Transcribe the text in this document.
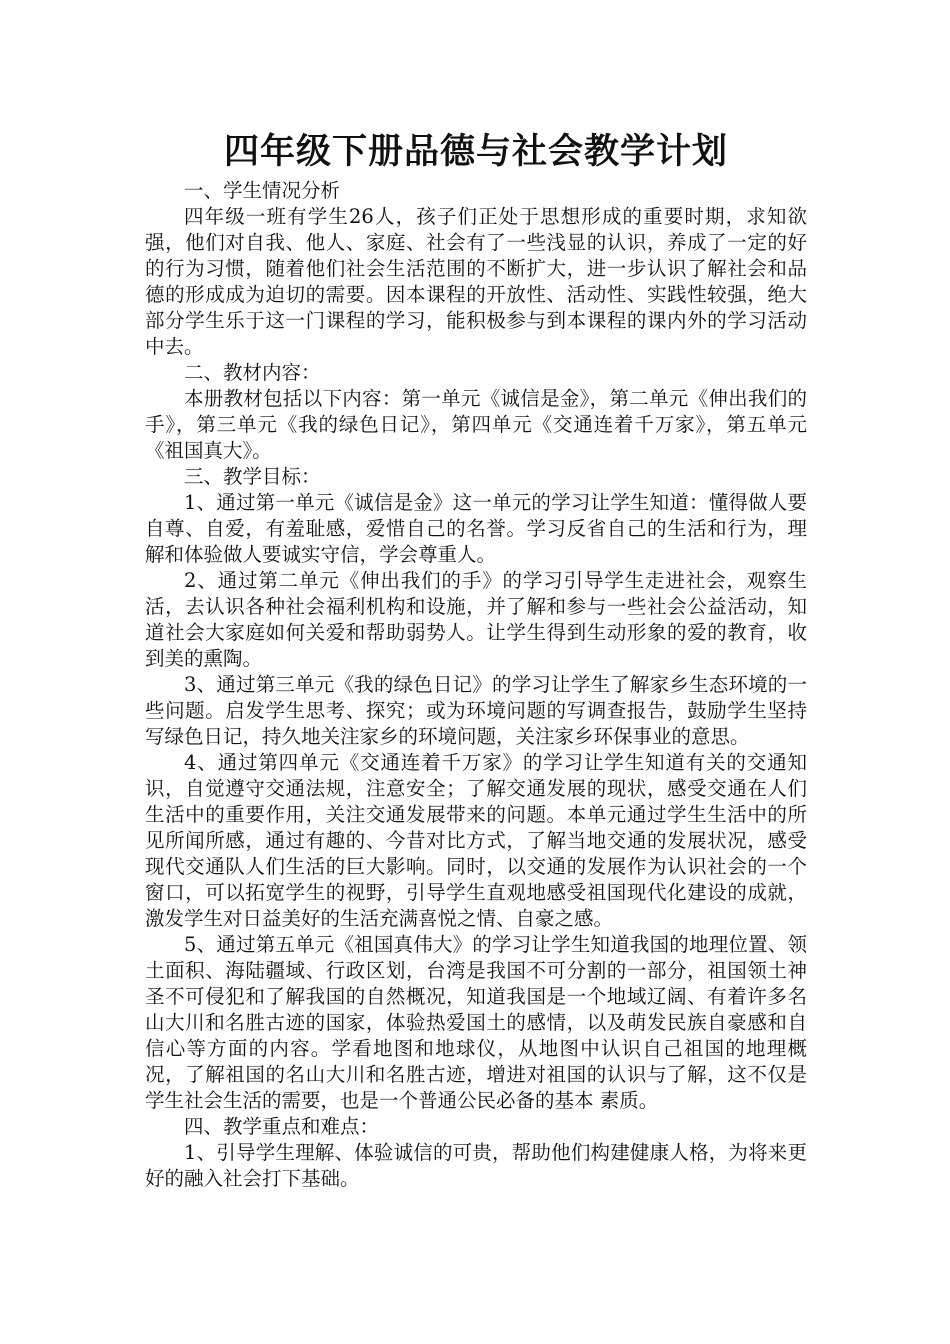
四年级下册品德与社会教学计划

一、学生情况分析

四年级一班有学生26人，孩子们正处于思想形成的重要时期，求知欲强，他们对自我、他人、家庭、社会有了一些浅显的认识，养成了一定的好的行为习惯，随着他们社会生活范围的不断扩大，进一步认识了解社会和品德的形成成为迫切的需要。因本课程的开放性、活动性、实践性较强，绝大部分学生乐于这一门课程的学习，能积极参与到本课程的课内外的学习活动中去。

二、教材内容：

本册教材包括以下内容：第一单元《诚信是金》，第二单元《伸出我们的手》，第三单元《我的绿色日记》，第四单元《交通连着千万家》，第五单元《祖国真大》。

三、教学目标：

1、通过第一单元《诚信是金》这一单元的学习让学生知道：懂得做人要自尊、自爱，有羞耻感，爱惜自己的名誉。学习反省自己的生活和行为，理解和体验做人要诚实守信，学会尊重人。

2、通过第二单元《伸出我们的手》的学习引导学生走进社会，观察生活，去认识各种社会福利机构和设施，并了解和参与一些社会公益活动，知道社会大家庭如何关爱和帮助弱势人。让学生得到生动形象的爱的教育，收到美的熏陶。

3、通过第三单元《我的绿色日记》的学习让学生了解家乡生态环境的一些问题。启发学生思考、探究；或为环境问题的写调查报告，鼓励学生坚持写绿色日记，持久地关注家乡的环境问题，关注家乡环保事业的意思。

4、通过第四单元《交通连着千万家》的学习让学生知道有关的交通知识，自觉遵守交通法规，注意安全；了解交通发展的现状，感受交通在人们生活中的重要作用，关注交通发展带来的问题。本单元通过学生生活中的所见所闻所感，通过有趣的、今昔对比方式，了解当地交通的发展状况，感受现代交通队人们生活的巨大影响。同时，以交通的发展作为认识社会的一个窗口，可以拓宽学生的视野，引导学生直观地感受祖国现代化建设的成就，激发学生对日益美好的生活充满喜悦之情、自豪之感。

5、通过第五单元《祖国真伟大》的学习让学生知道我国的地理位置、领土面积、海陆疆域、行政区划，台湾是我国不可分割的一部分，祖国领土神圣不可侵犯和了解我国的自然概况，知道我国是一个地域辽阔、有着许多名山大川和名胜古迹的国家，体验热爱国土的感情，以及萌发民族自豪感和自信心等方面的内容。学看地图和地球仪，从地图中认识自己祖国的地理概况，了解祖国的名山大川和名胜古迹，增进对祖国的认识与了解，这不仅是学生社会生活的需要，也是一个普通公民必备的基本 素质。

四、教学重点和难点：

1、引导学生理解、体验诚信的可贵，帮助他们构建健康人格，为将来更好的融入社会打下基础。
